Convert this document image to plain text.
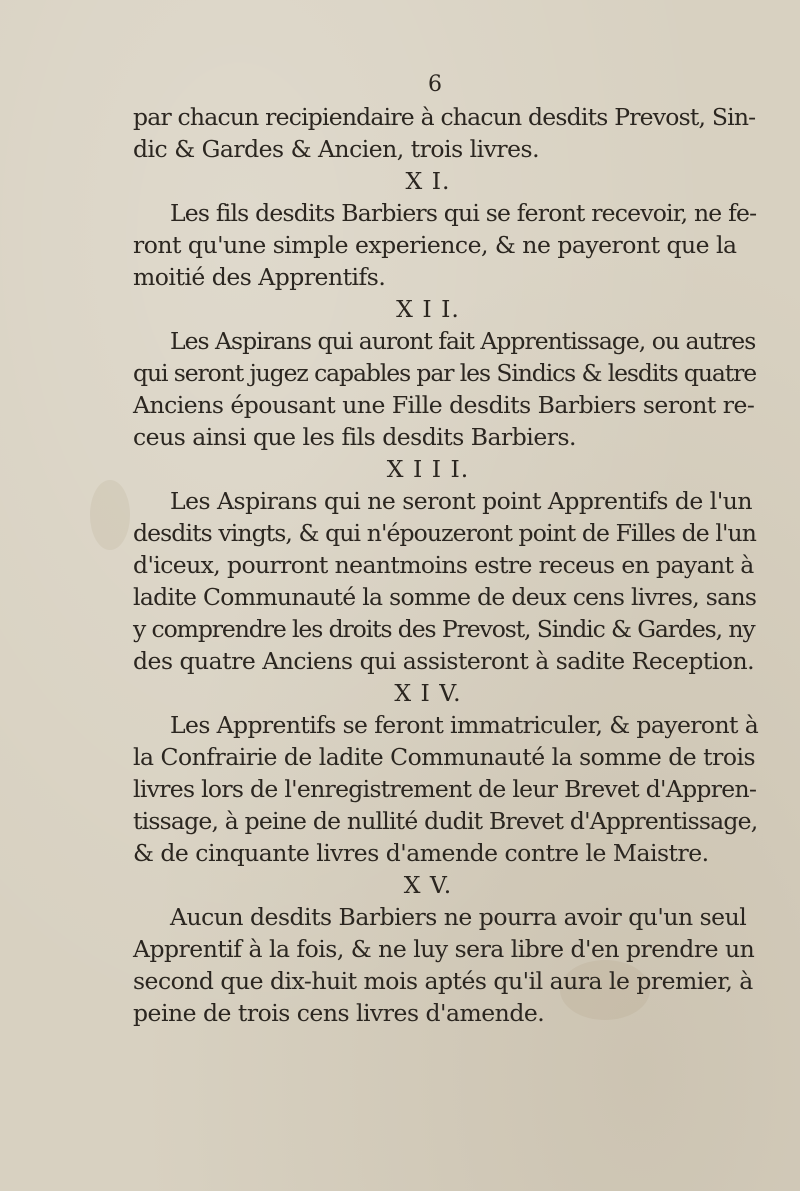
6
par chacun recipiendaire à chacun desdits Prevost, Sin-
dic & Gardes & Ancien, trois livres.
X I.
Les fils desdits Barbiers qui se feront recevoir, ne fe-
ront qu'une simple experience, & ne payeront que la
moitié des Apprentifs.
X I I.
Les Aspirans qui auront fait Apprentissage, ou autres
qui seront jugez capables par les Sindics & lesdits quatre
Anciens épousant une Fille desdits Barbiers seront re-
ceus ainsi que les fils desdits Barbiers.
X I I I.
Les Aspirans qui ne seront point Apprentifs de l'un
desdits vingts, & qui n'épouzeront point de Filles de l'un
d'iceux, pourront neantmoins estre receus en payant à
ladite Communauté la somme de deux cens livres, sans
y comprendre les droits des Prevost, Sindic & Gardes, ny
des quatre Anciens qui assisteront à sadite Reception.
X I V.
Les Apprentifs se feront immatriculer, & payeront à
la Confrairie de ladite Communauté la somme de trois
livres lors de l'enregistrement de leur Brevet d'Appren-
tissage, à peine de nullité dudit Brevet d'Apprentissage,
& de cinquante livres d'amende contre le Maistre.
X V.
Aucun desdits Barbiers ne pourra avoir qu'un seul
Apprentif à la fois, & ne luy sera libre d'en prendre un
second que dix-huit mois aptés qu'il aura le premier, à
peine de trois cens livres d'amende.
